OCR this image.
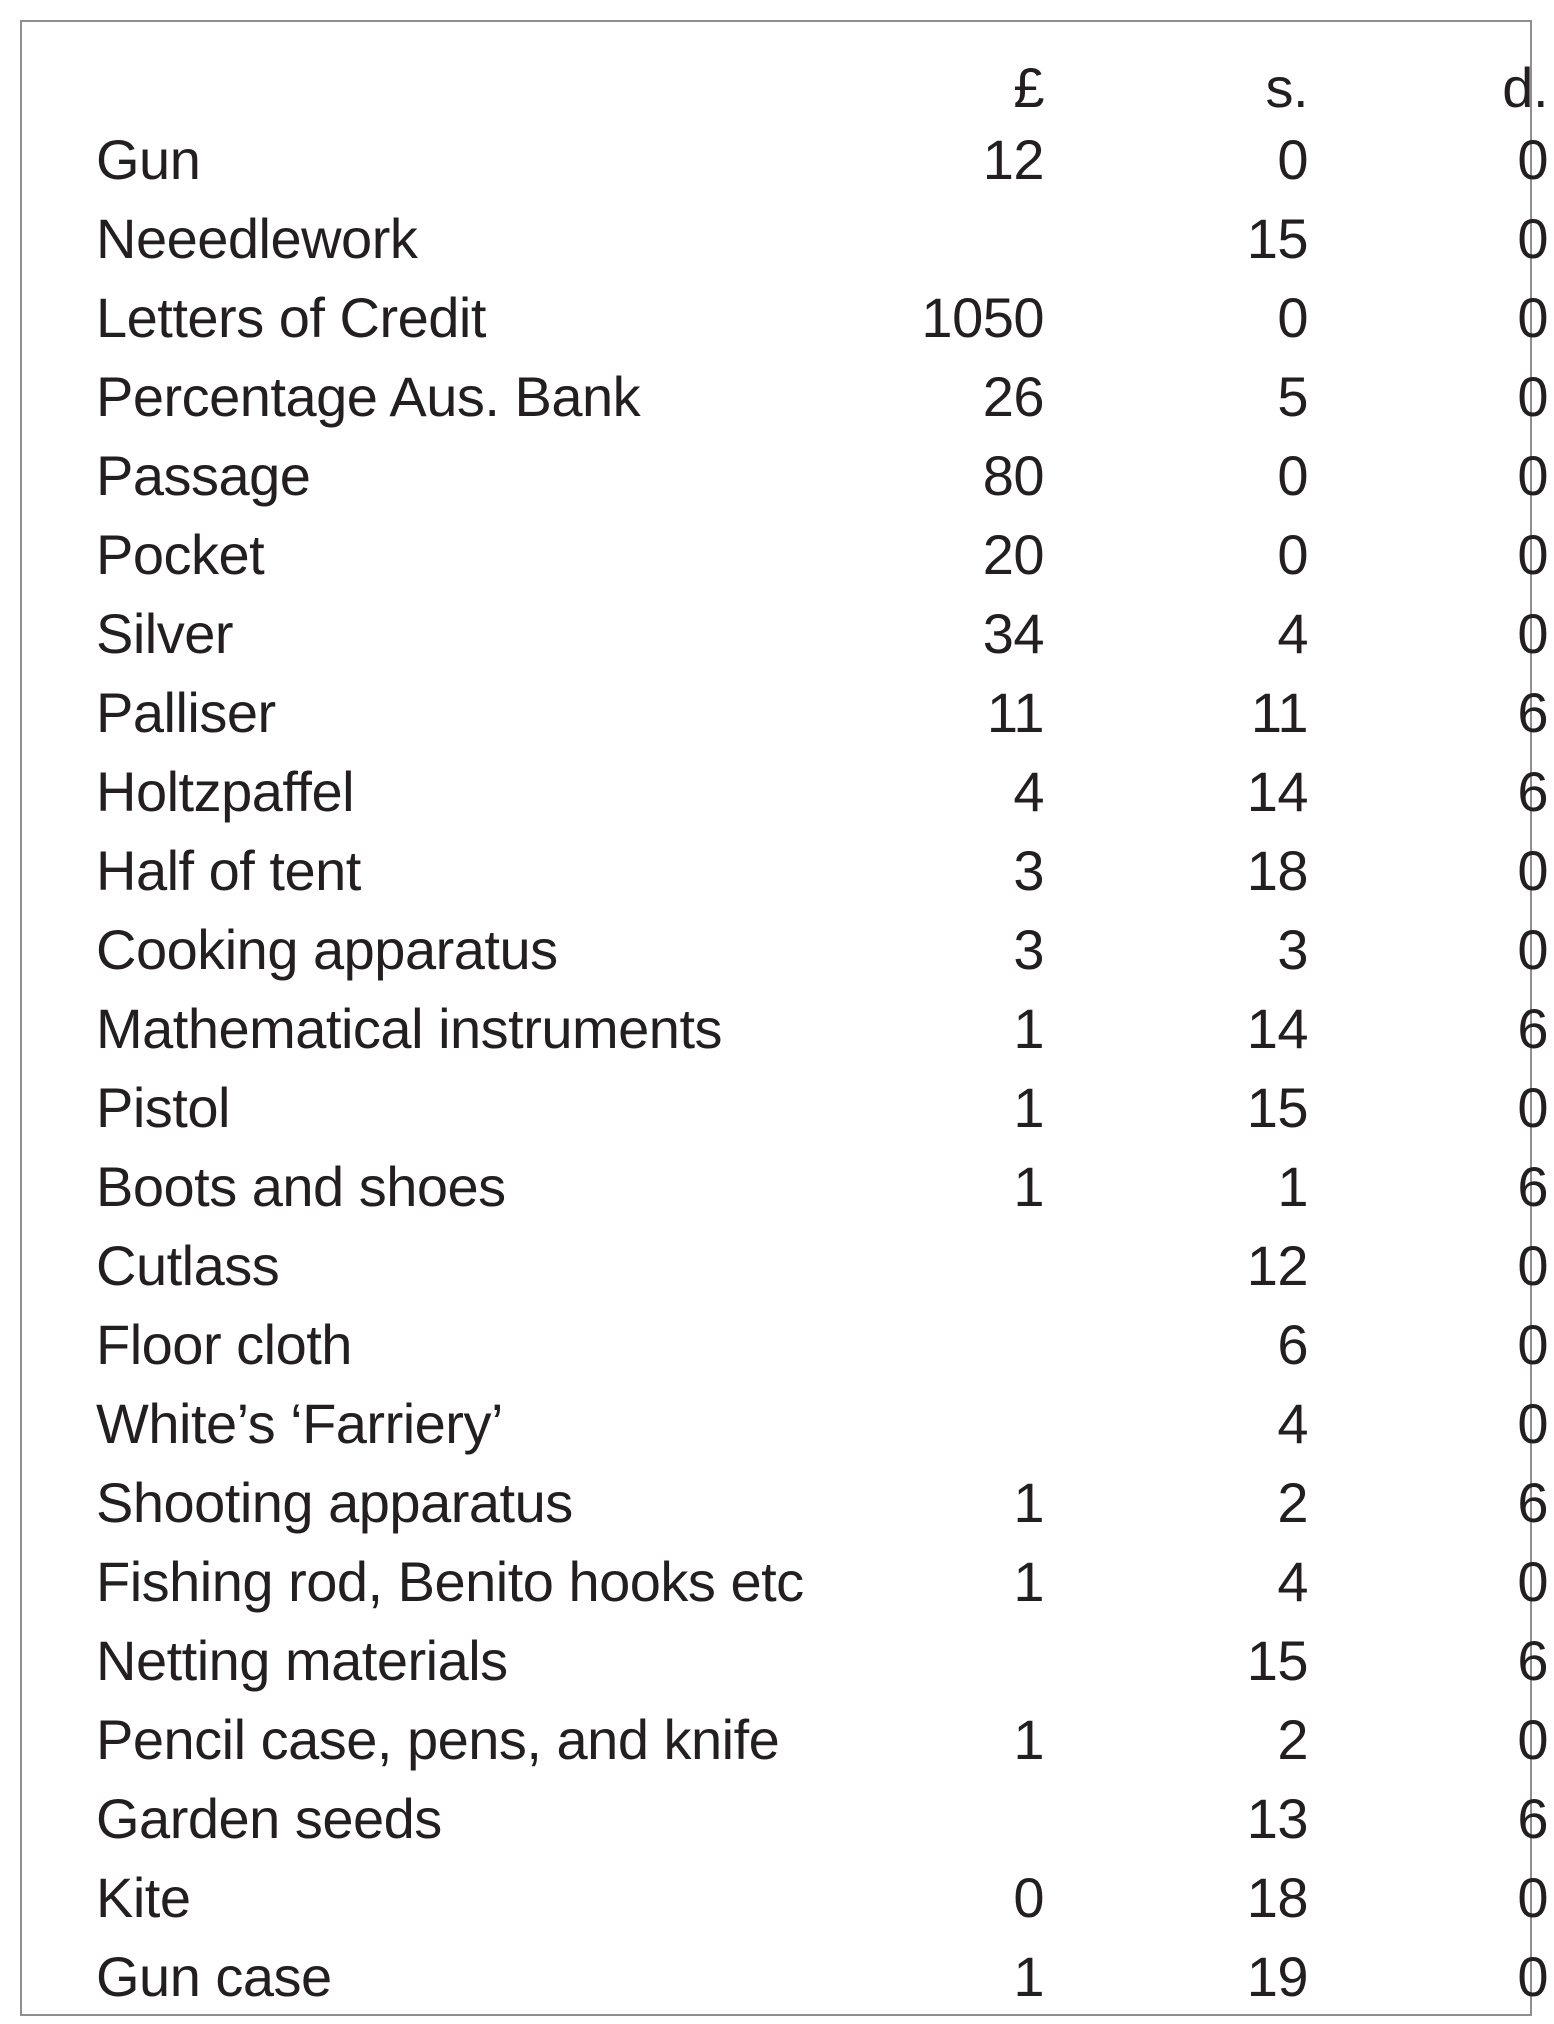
	£	s.	d.
Gun	12	0	0
Neeedlework		15	0
Letters of Credit	1050	0	0
Percentage Aus. Bank	26	5	0
Passage	80	0	0
Pocket	20	0	0
Silver	34	4	0
Palliser	11	11	6
Holtzpaffel	4	14	6
Half of tent	3	18	0
Cooking apparatus	3	3	0
Mathematical instruments	1	14	6
Pistol	1	15	0
Boots and shoes	1	1	6
Cutlass		12	0
Floor cloth		6	0
White’s ‘Farriery’		4	0
Shooting apparatus	1	2	6
Fishing rod, Benito hooks etc	1	4	0
Netting materials		15	6
Pencil case, pens, and knife	1	2	0
Garden seeds		13	6
Kite	0	18	0
Gun case	1	19	0
